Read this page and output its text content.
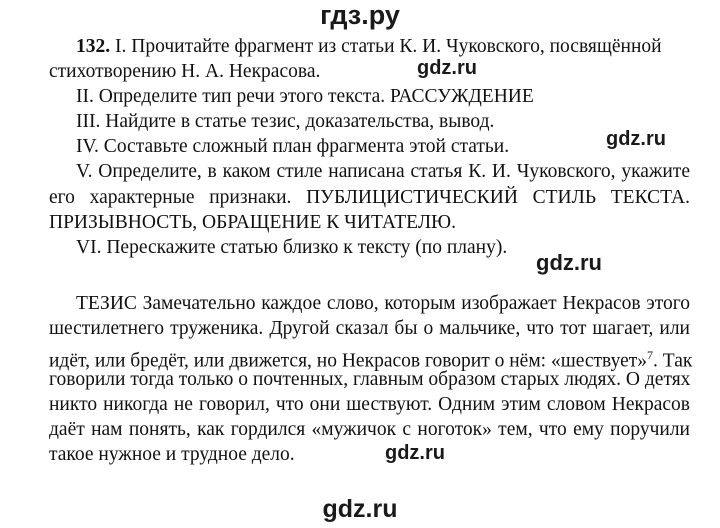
гдз.ру
132. I. Прочитайте фрагмент из статьи К. И. Чуковского, посвящённой
стихотворению Н. А. Некрасова.	gdz.ru
II. Определите тип речи этого текста. РАССУЖДЕНИЕ
III. Найдите в статье тезис, доказательства, вывод.
IV. Составьте сложный план фрагмента этой статьи.	gdz.ru
V. Определите, в каком стиле написана статья К. И. Чуковского, укажите
его характерные признаки. ПУБЛИЦИСТИЧЕСКИЙ СТИЛЬ ТЕКСТА.
ПРИЗЫВНОСТЬ, ОБРАЩЕНИЕ К ЧИТАТЕЛЮ.
VI. Перескажите статью близко к тексту (по плану).
gdz.ru
ТЕЗИС Замечательно каждое слово, которым изображает Некрасов этого
шестилетнего труженика. Другой сказал бы о мальчике, что тот шагает, или
идёт, или бредёт, или движется, но Некрасов говорит о нём: «шествует»$^7$. Так
говорили тогда только о почтенных, главным образом старых людях. О детях
никто никогда не говорил, что они шествуют. Одним этим словом Некрасов
даёт нам понять, как гордился «мужичок с ноготок» тем, что ему поручили
такое нужное и трудное дело.	gdz.ru
gdz.ru
